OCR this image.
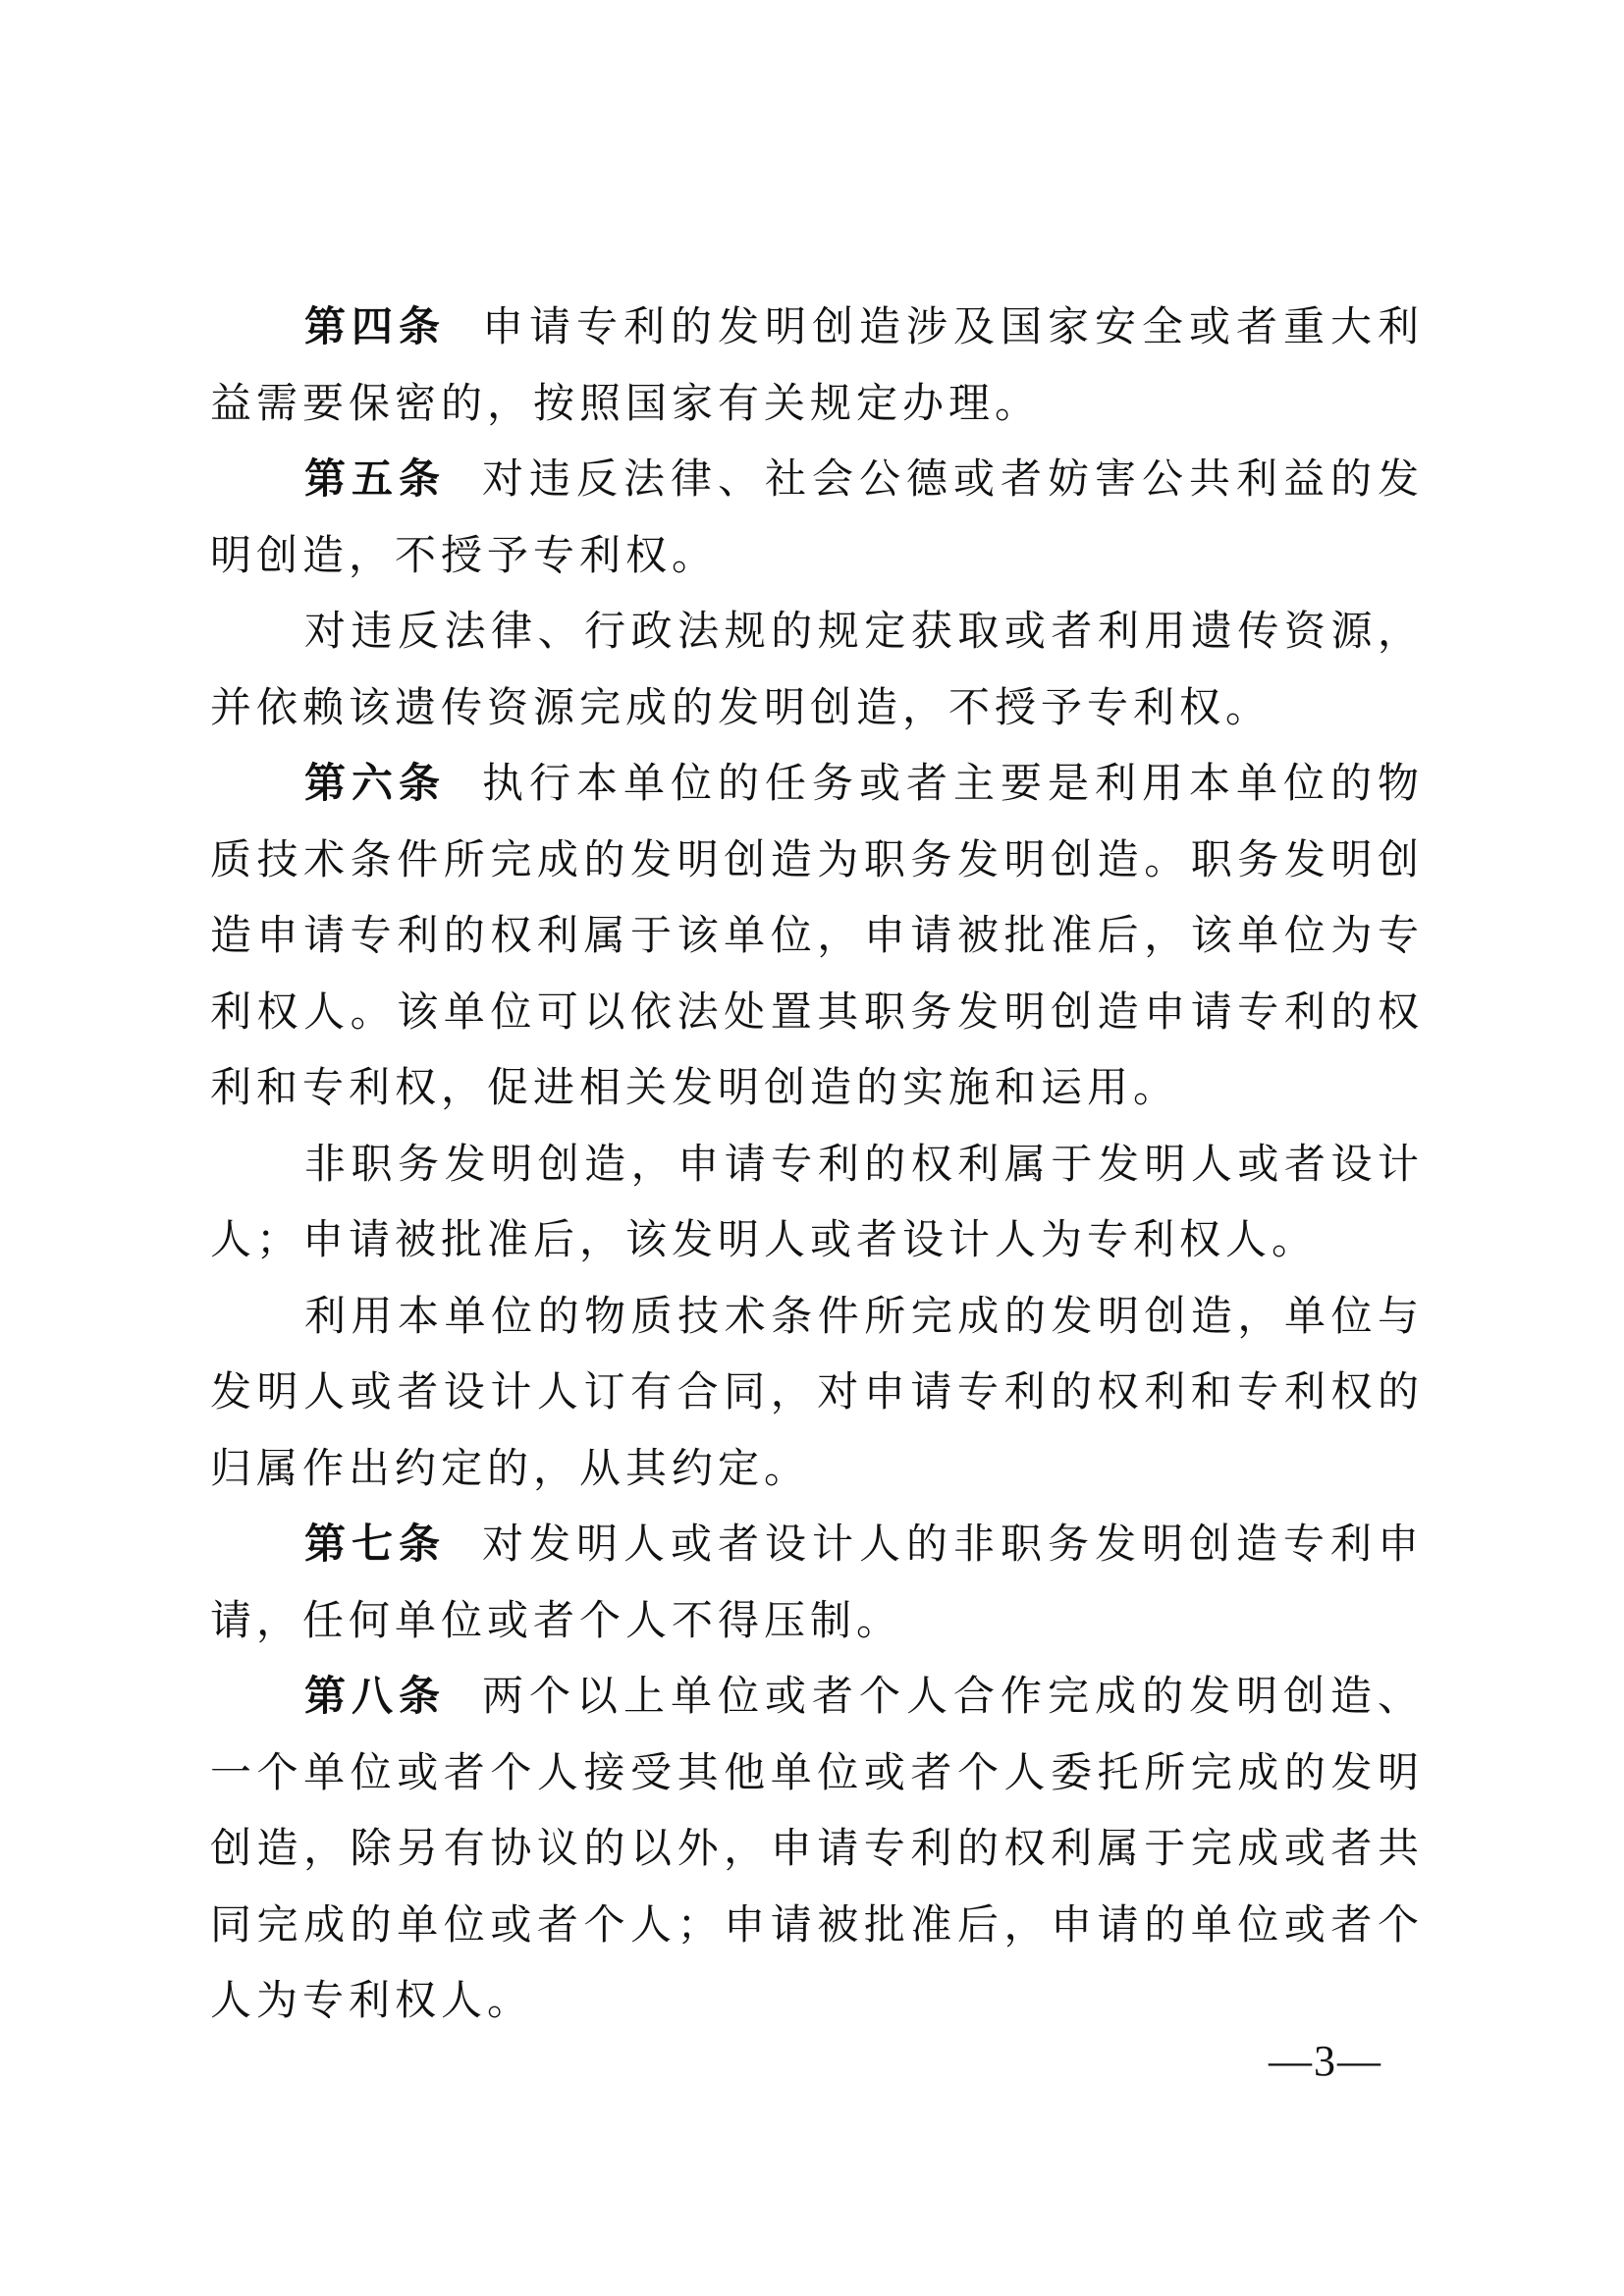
第四条 申请专利的发明创造涉及国家安全或者重大利益需要保密的，按照国家有关规定办理。

第五条 对违反法律、社会公德或者妨害公共利益的发明创造，不授予专利权。

对违反法律、行政法规的规定获取或者利用遗传资源，并依赖该遗传资源完成的发明创造，不授予专利权。

第六条 执行本单位的任务或者主要是利用本单位的物质技术条件所完成的发明创造为职务发明创造。职务发明创造申请专利的权利属于该单位，申请被批准后，该单位为专利权人。该单位可以依法处置其职务发明创造申请专利的权利和专利权，促进相关发明创造的实施和运用。

非职务发明创造，申请专利的权利属于发明人或者设计人；申请被批准后，该发明人或者设计人为专利权人。

利用本单位的物质技术条件所完成的发明创造，单位与发明人或者设计人订有合同，对申请专利的权利和专利权的归属作出约定的，从其约定。

第七条 对发明人或者设计人的非职务发明创造专利申请，任何单位或者个人不得压制。

第八条 两个以上单位或者个人合作完成的发明创造、一个单位或者个人接受其他单位或者个人委托所完成的发明创造，除另有协议的以外，申请专利的权利属于完成或者共同完成的单位或者个人；申请被批准后，申请的单位或者个人为专利权人。

—3—
